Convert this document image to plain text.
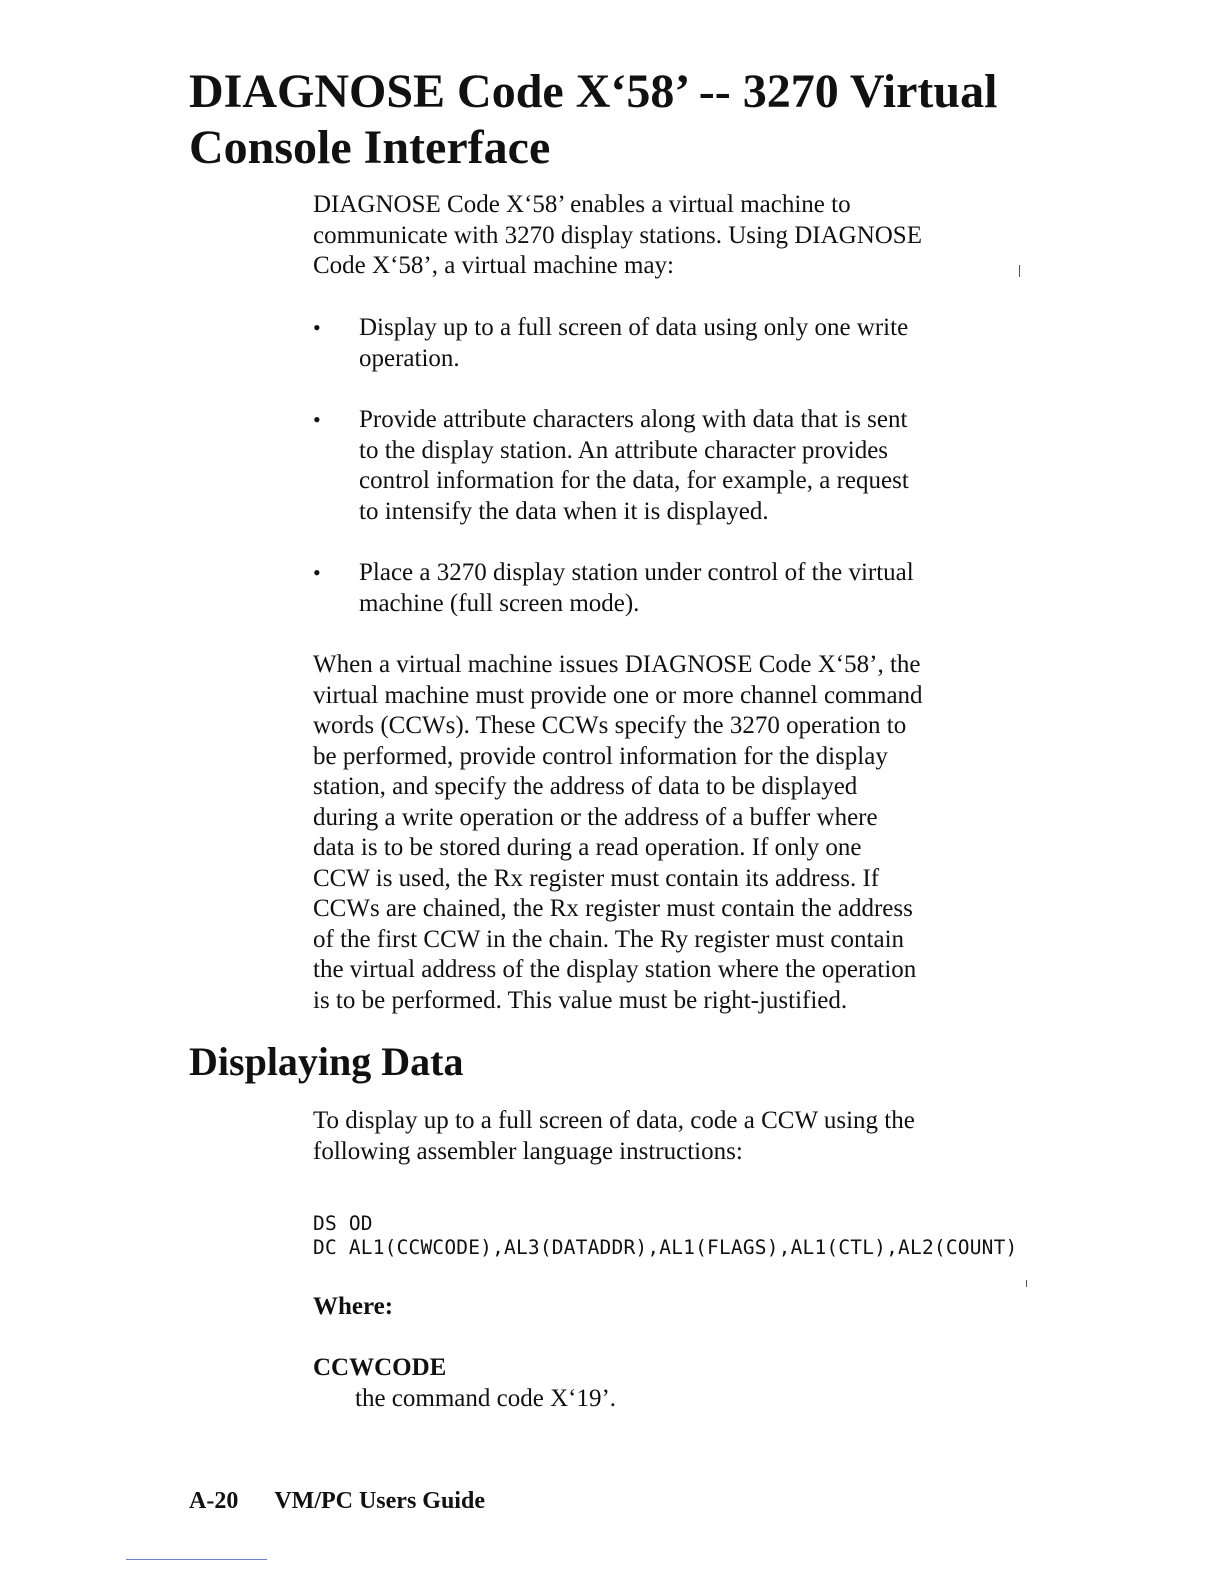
DIAGNOSE Code X‘58’ -- 3270 Virtual
Console Interface
DIAGNOSE Code X‘58’ enables a virtual machine to
communicate with 3270 display stations. Using DIAGNOSE
Code X‘58’, a virtual machine may:
•	Display up to a full screen of data using only one write
operation.
•	Provide attribute characters along with data that is sent
to the display station. An attribute character provides
control information for the data, for example, a request
to intensify the data when it is displayed.
•	Place a 3270 display station under control of the virtual
machine (full screen mode).
When a virtual machine issues DIAGNOSE Code X‘58’, the
virtual machine must provide one or more channel command
words (CCWs). These CCWs specify the 3270 operation to
be performed, provide control information for the display
station, and specify the address of data to be displayed
during a write operation or the address of a buffer where
data is to be stored during a read operation. If only one
CCW is used, the Rx register must contain its address. If
CCWs are chained, the Rx register must contain the address
of the first CCW in the chain. The Ry register must contain
the virtual address of the display station where the operation
is to be performed. This value must be right-justified.
Displaying Data
To display up to a full screen of data, code a CCW using the
following assembler language instructions:
DS OD
DC AL1(CCWCODE),AL3(DATADDR),AL1(FLAGS),AL1(CTL),AL2(COUNT)
Where:
CCWCODE
the command code X‘19’.
A-20 VM/PC Users Guide
